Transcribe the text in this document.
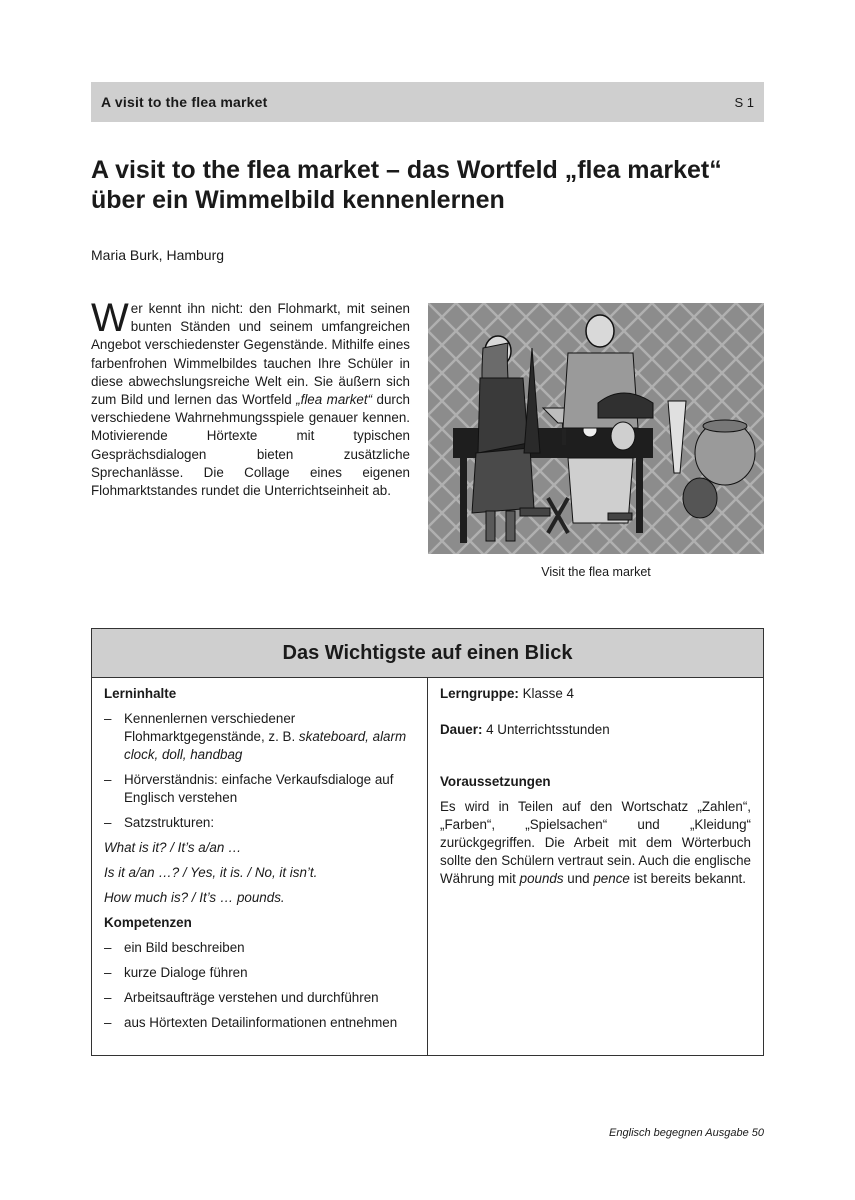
A visit to the flea market	S 1
A visit to the flea market – das Wortfeld „flea market“
über ein Wimmelbild kennenlernen
Maria Burk, Hamburg

Wer kennt ihn nicht: den Flohmarkt, mit seinen bunten Ständen und seinem umfangreichen Angebot verschiedenster Gegenstände. Mithilfe eines farbenfrohen Wimmelbildes tauchen Ihre Schüler in diese abwechslungsreiche Welt ein. Sie äußern sich zum Bild und lernen das Wortfeld „flea market“ durch verschiedene Wahrnehmungsspiele genauer kennen. Motivierende Hörtexte mit typischen Gesprächsdialogen bieten zusätzliche Sprechanlässe. Die Collage eines eigenen Flohmarktstandes rundet die Unterrichtseinheit ab.

Visit the flea market
Das Wichtigste auf einen Blick
Lerninhalte
– Kennenlernen verschiedener Flohmarktgegenstände, z. B. skateboard, alarm clock, doll, handbag
– Hörverständnis: einfache Verkaufsdialoge auf Englisch verstehen
– Satzstrukturen:
What is it? / It’s a/an …
Is it a/an …? / Yes, it is. / No, it isn’t.
How much is? / It’s … pounds.
Kompetenzen
– ein Bild beschreiben
– kurze Dialoge führen
– Arbeitsaufträge verstehen und durchführen
– aus Hörtexten Detailinformationen entnehmen
Lerngruppe: Klasse 4
Dauer: 4 Unterrichtsstunden
Voraussetzungen
Es wird in Teilen auf den Wortschatz „Zahlen“, „Farben“, „Spielsachen“ und „Kleidung“ zurückgegriffen. Die Arbeit mit dem Wörterbuch sollte den Schülern vertraut sein. Auch die englische Währung mit pounds und pence ist bereits bekannt.
Englisch begegnen Ausgabe 50
